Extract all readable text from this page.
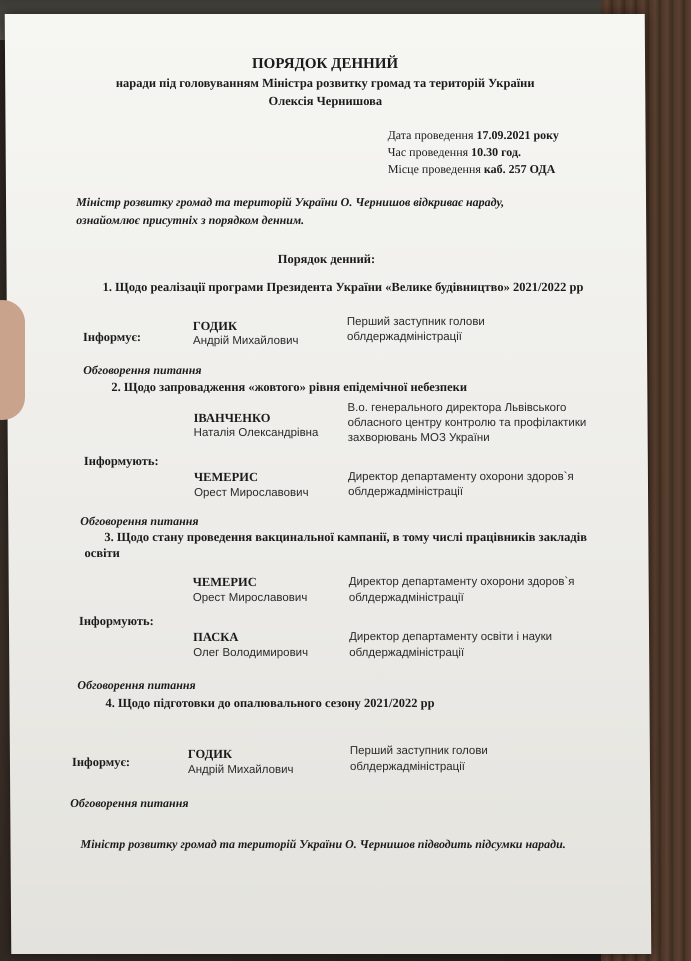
ПОРЯДОК ДЕННИЙ
наради під головуванням Міністра розвитку громад та територій України
Олексія Чернишова
Дата проведення 17.09.2021 року
Час проведення 10.30 год.
Місце проведення каб. 257 ОДА
Міністр розвитку громад та територій України О. Чернишов відкриває нараду,
ознайомлює присутніх з порядком денним.
Порядок денний:
1. Щодо реалізації програми Президента України «Велике будівництво» 2021/2022 рр
Інформує:
ГОДИК
Андрій Михайлович
Перший заступник голови
облдержадміністрації
Обговорення питання
2. Щодо запровадження «жовтого» рівня епідемічної небезпеки
ІВАНЧЕНКО
Наталія Олександрівна
В.о. генерального директора Львівського
обласного центру контролю та профілактики
захворювань МОЗ України
Інформують:
ЧЕМЕРИС
Орест Мирославович
Директор департаменту охорони здоров`я
облдержадміністрації
Обговорення питання
3. Щодо стану проведення вакцинальної кампанії, в тому числі працівників закладів
освіти
ЧЕМЕРИС
Орест Мирославович
Директор департаменту охорони здоров`я
облдержадміністрації
Інформують:
ПАСКА
Олег Володимирович
Директор департаменту освіти і науки
облдержадміністрації
Обговорення питання
4. Щодо підготовки до опалювального сезону 2021/2022 рр
Інформує:
ГОДИК
Андрій Михайлович
Перший заступник голови
облдержадміністрації
Обговорення питання
Міністр розвитку громад та територій України О. Чернишов підводить підсумки наради.
